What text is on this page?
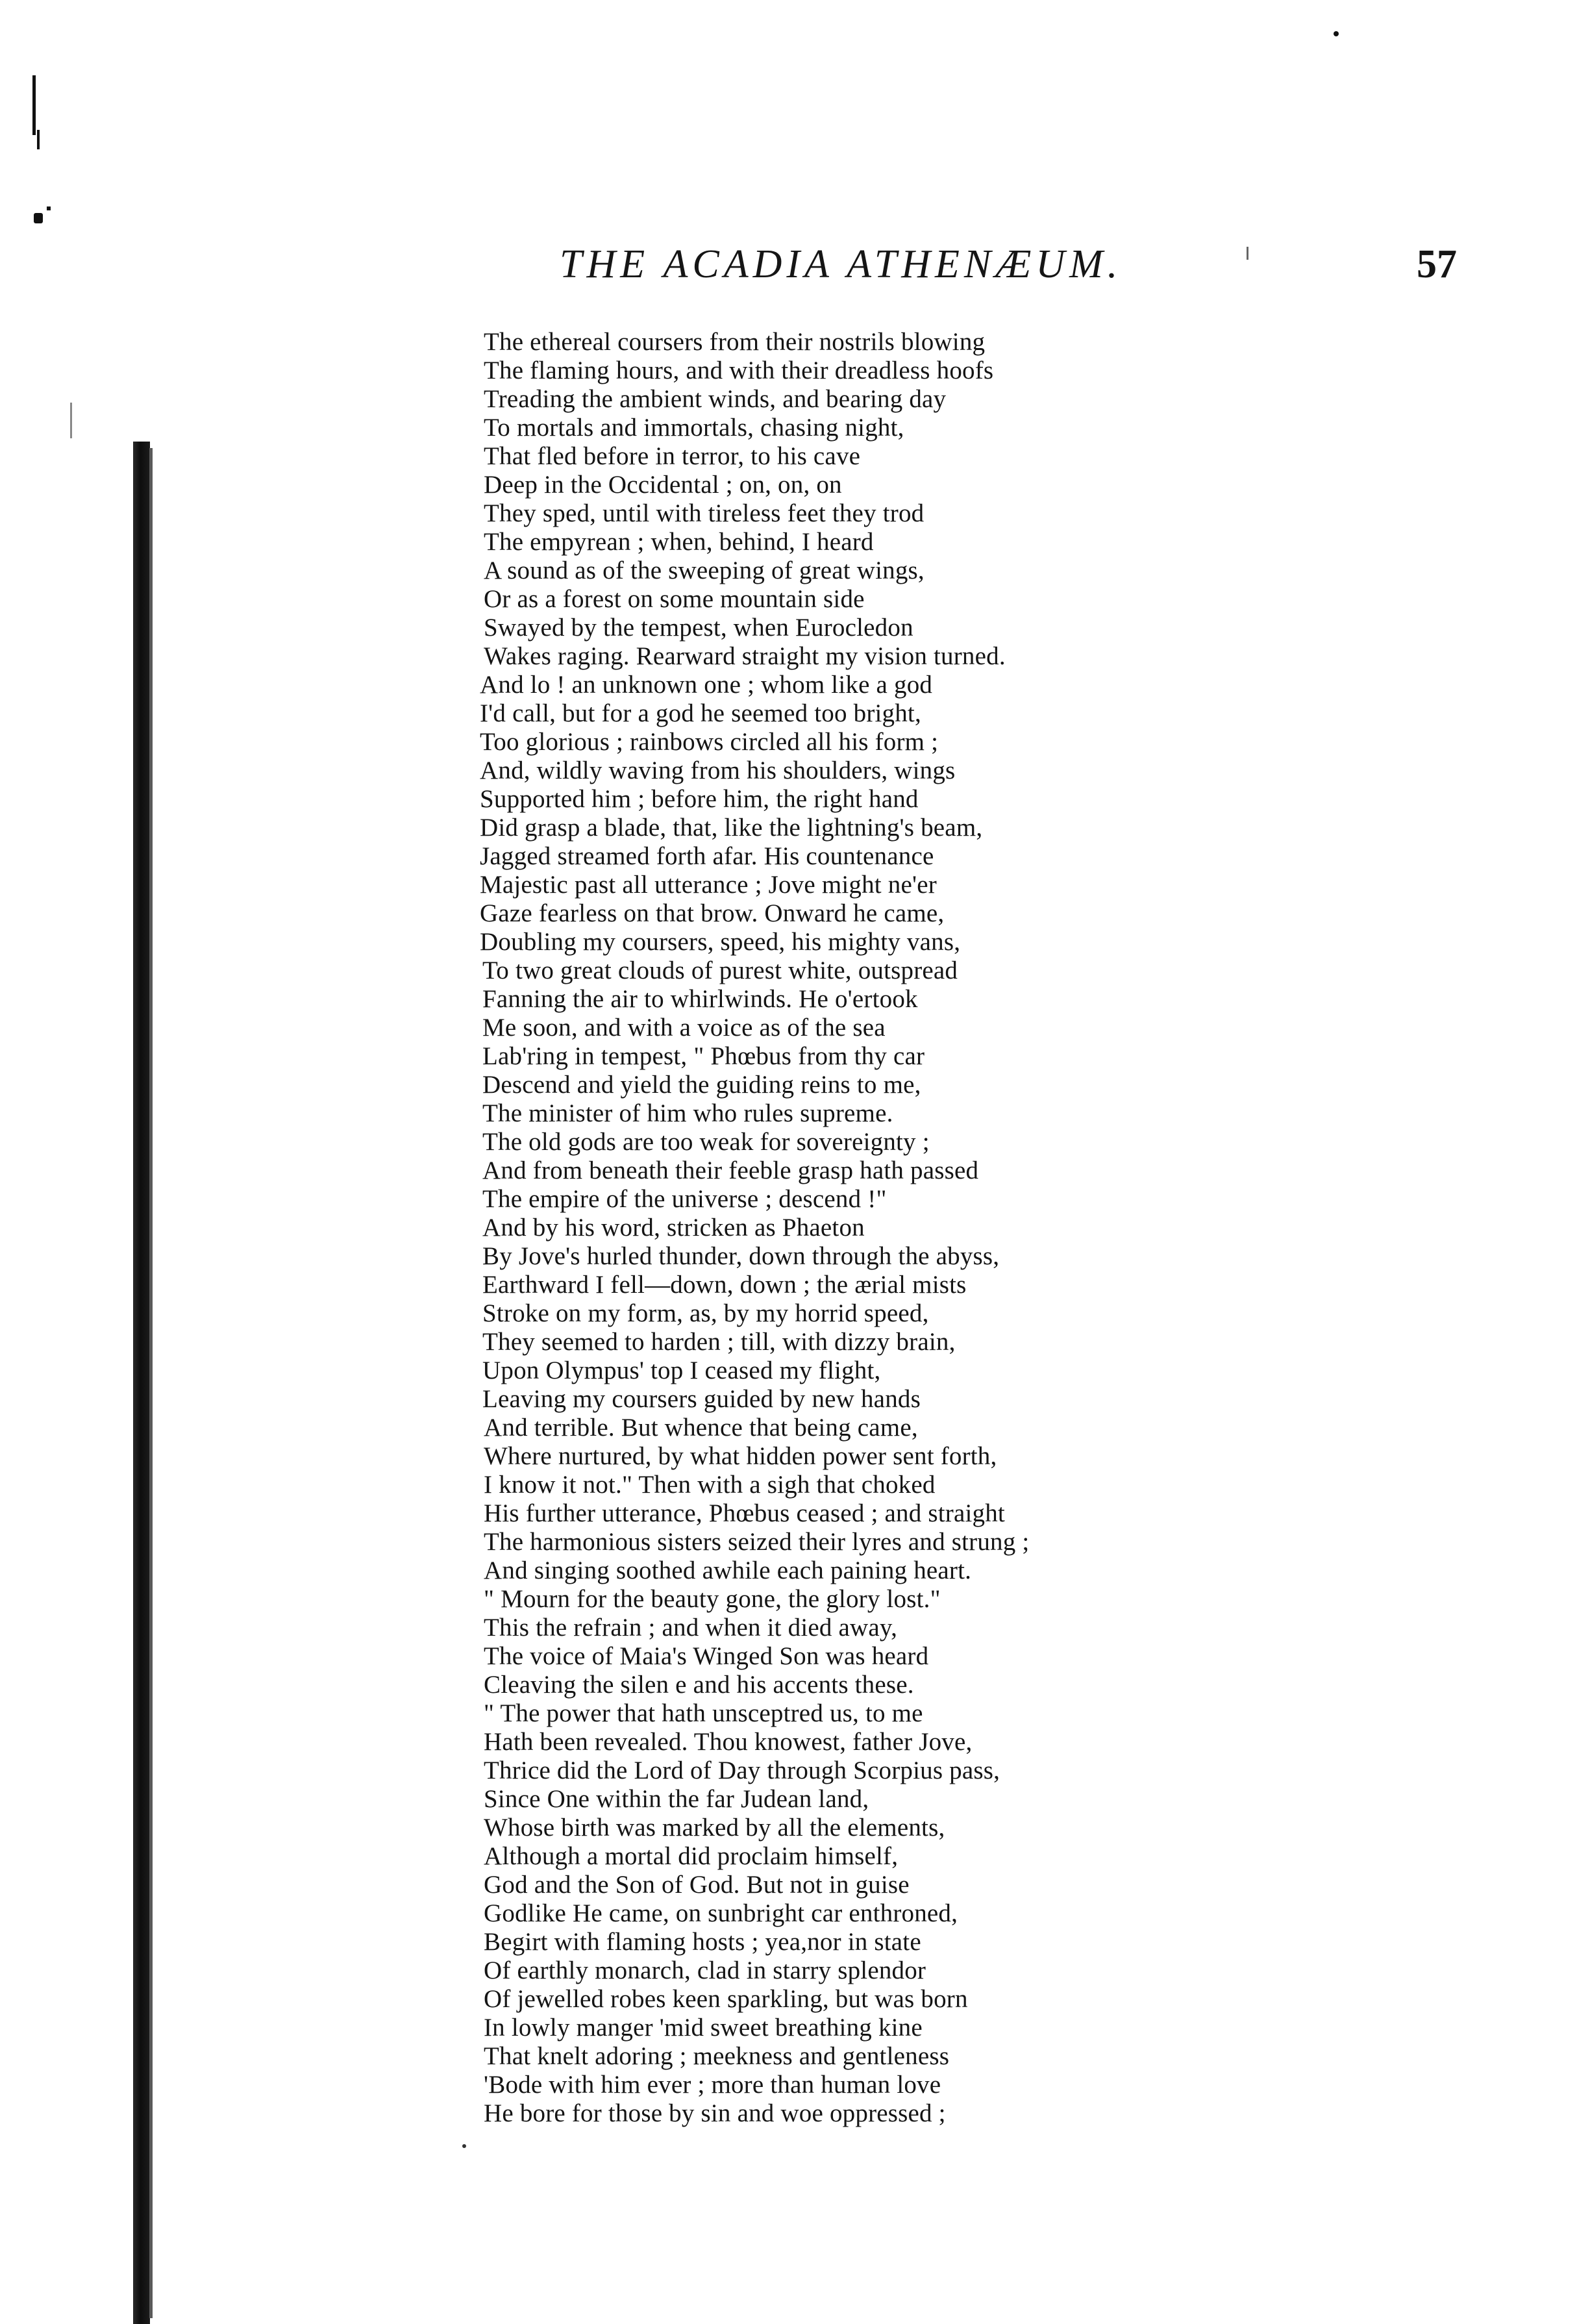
THE ACADIA ATHENÆUM.	57
The ethereal coursers from their nostrils blowing
The flaming hours, and with their dreadless hoofs
Treading the ambient winds, and bearing day
To mortals and immortals, chasing night,
That fled before in terror, to his cave
Deep in the Occidental ; on, on, on
They sped, until with tireless feet they trod
The empyrean ; when, behind, I heard
A sound as of the sweeping of great wings,
Or as a forest on some mountain side
Swayed by the tempest, when Eurocledon
Wakes raging. Rearward straight my vision turned.
And lo ! an unknown one ; whom like a god
I'd call, but for a god he seemed too bright,
Too glorious ; rainbows circled all his form ;
And, wildly waving from his shoulders, wings
Supported him ; before him, the right hand
Did grasp a blade, that, like the lightning's beam,
Jagged streamed forth afar. His countenance
Majestic past all utterance ; Jove might ne'er
Gaze fearless on that brow. Onward he came,
Doubling my coursers, speed, his mighty vans,
To two great clouds of purest white, outspread
Fanning the air to whirlwinds. He o'ertook
Me soon, and with a voice as of the sea
Lab'ring in tempest, " Phœbus from thy car
Descend and yield the guiding reins to me,
The minister of him who rules supreme.
The old gods are too weak for sovereignty ;
And from beneath their feeble grasp hath passed
The empire of the universe ; descend !"
And by his word, stricken as Phaeton
By Jove's hurled thunder, down through the abyss,
Earthward I fell—down, down ; the ærial mists
Stroke on my form, as, by my horrid speed,
They seemed to harden ; till, with dizzy brain,
Upon Olympus' top I ceased my flight,
Leaving my coursers guided by new hands
And terrible. But whence that being came,
Where nurtured, by what hidden power sent forth,
I know it not." Then with a sigh that choked
His further utterance, Phœbus ceased ; and straight
The harmonious sisters seized their lyres and strung ;
And singing soothed awhile each paining heart.
" Mourn for the beauty gone, the glory lost."
This the refrain ; and when it died away,
The voice of Maia's Winged Son was heard
Cleaving the silen e and his accents these.
" The power that hath unsceptred us, to me
Hath been revealed. Thou knowest, father Jove,
Thrice did the Lord of Day through Scorpius pass,
Since One within the far Judean land,
Whose birth was marked by all the elements,
Although a mortal did proclaim himself,
God and the Son of God. But not in guise
Godlike He came, on sunbright car enthroned,
Begirt with flaming hosts ; yea,nor in state
Of earthly monarch, clad in starry splendor
Of jewelled robes keen sparkling, but was born
In lowly manger 'mid sweet breathing kine
That knelt adoring ; meekness and gentleness
'Bode with him ever ; more than human love
He bore for those by sin and woe oppressed ;
